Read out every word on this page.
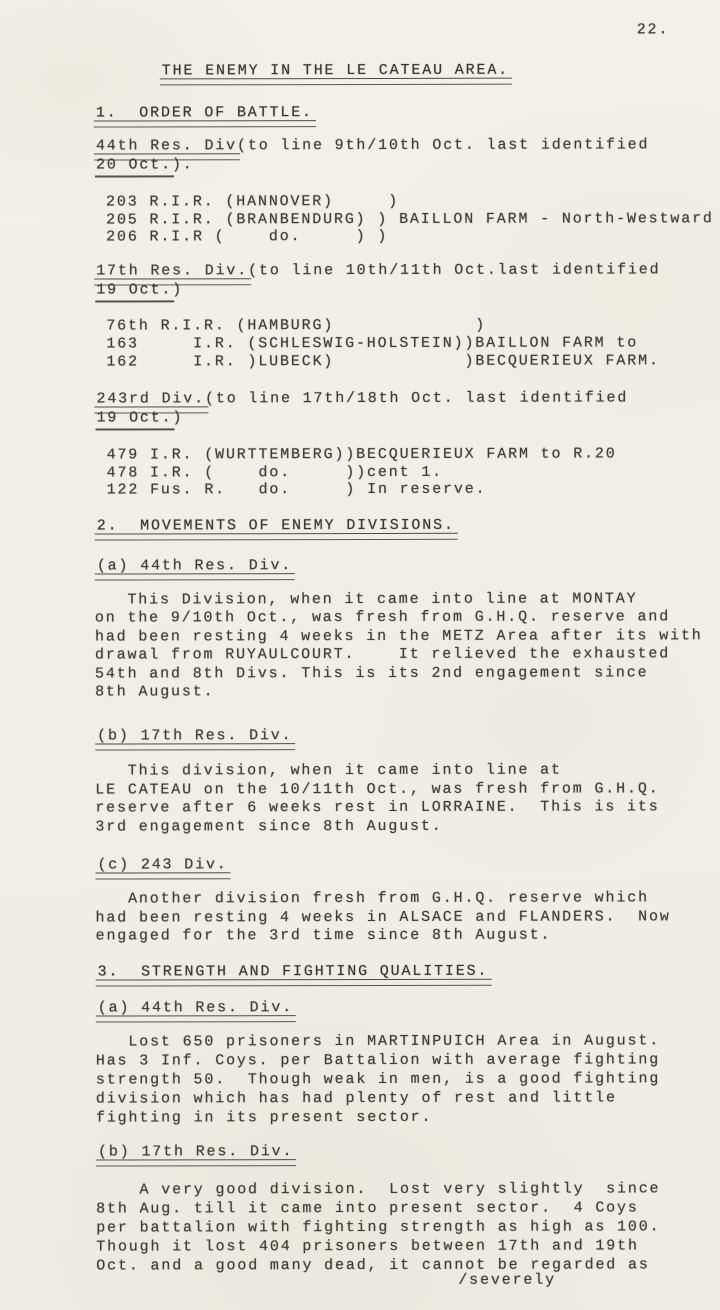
22.
THE ENEMY IN THE LE CATEAU AREA.
1.  ORDER OF BATTLE.
44th Res. Div(to line 9th/10th Oct. last identified
20 Oct.).
203 R.I.R. (HANNOVER)     )
205 R.I.R. (BRANBENDURG) ) BAILLON FARM - North-Westward
206 R.I.R (    do.     ) )
17th Res. Div.(to line 10th/11th Oct.last identified
19 Oct.)
76th R.I.R. (HAMBURG)             )
163     I.R. (SCHLESWIG-HOLSTEIN))BAILLON FARM to
162     I.R. )LUBECK)            )BECQUERIEUX FARM.
243rd Div.(to line 17th/18th Oct. last identified
19 Oct.)
479 I.R. (WURTTEMBERG))BECQUERIEUX FARM to R.20
478 I.R. (    do.     ))cent 1.
122 Fus. R.   do.     ) In reserve.
2.  MOVEMENTS OF ENEMY DIVISIONS.
(a) 44th Res. Div.
This Division, when it came into line at MONTAY
on the 9/10th Oct., was fresh from G.H.Q. reserve and
had been resting 4 weeks in the METZ Area after its with
drawal from RUYAULCOURT.    It relieved the exhausted
54th and 8th Divs. This is its 2nd engagement since
8th August.
(b) 17th Res. Div.
This division, when it came into line at
LE CATEAU on the 10/11th Oct., was fresh from G.H.Q.
reserve after 6 weeks rest in LORRAINE.  This is its
3rd engagement since 8th August.
(c) 243 Div.
Another division fresh from G.H.Q. reserve which
had been resting 4 weeks in ALSACE and FLANDERS.  Now
engaged for the 3rd time since 8th August.
3.  STRENGTH AND FIGHTING QUALITIES.
(a) 44th Res. Div.
Lost 650 prisoners in MARTINPUICH Area in August.
Has 3 Inf. Coys. per Battalion with average fighting
strength 50.  Though weak in men, is a good fighting
division which has had plenty of rest and little
fighting in its present sector.
(b) 17th Res. Div.
A very good division.  Lost very slightly  since
8th Aug. till it came into present sector.  4 Coys
per battalion with fighting strength as high as 100.
Though it lost 404 prisoners between 17th and 19th
Oct. and a good many dead, it cannot be regarded as
/severely
